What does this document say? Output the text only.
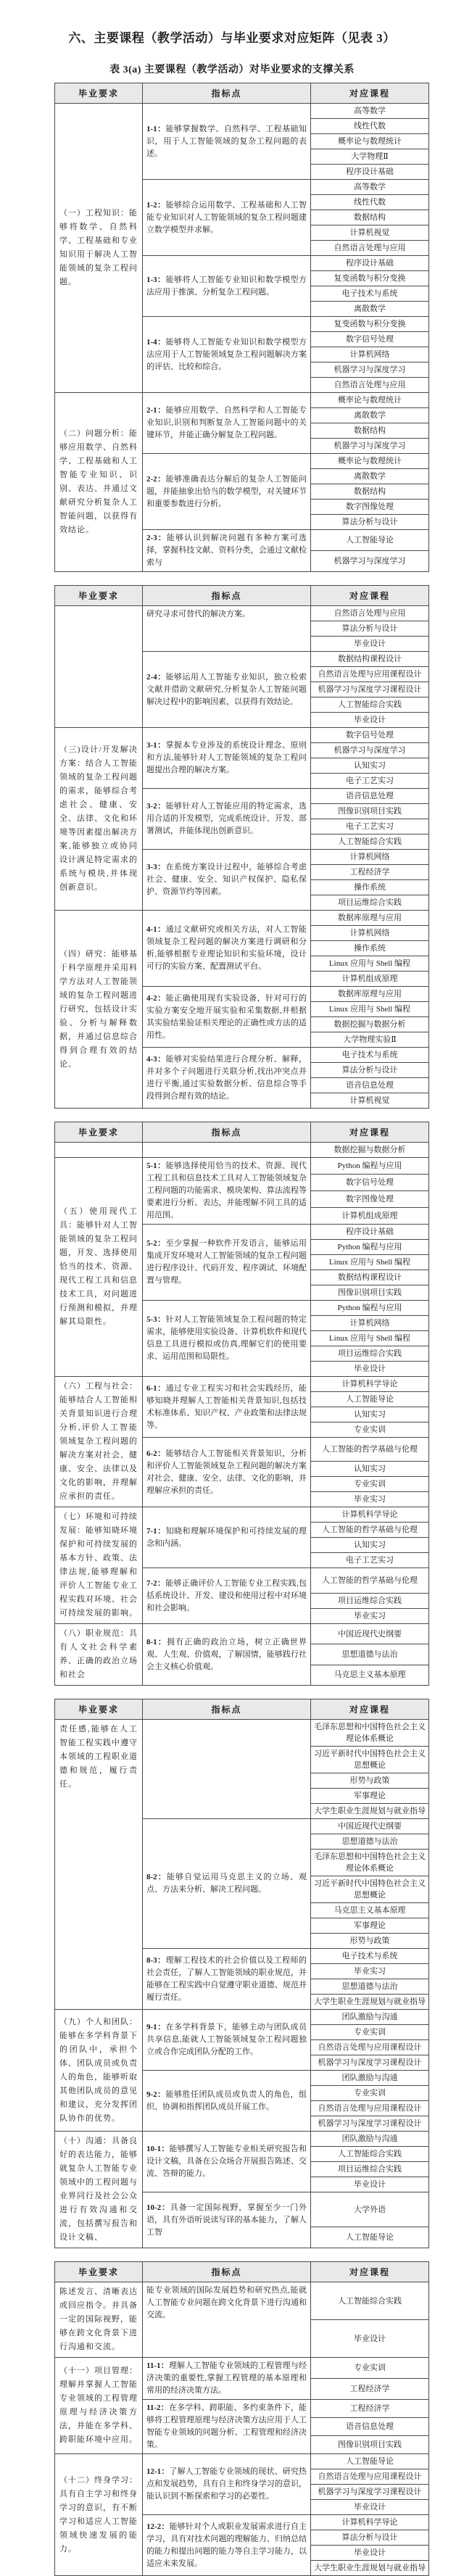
六、主要课程（教学活动）与毕业要求对应矩阵（见表 3）
表 3(a) 主要课程（教学活动）对毕业要求的支撑关系
毕业要求	指标点	对应课程
（一）工程知识：能够将数学、自然科学、工程基础和专业知识用于解决人工智能领域的复杂工程问题。	1-1：能够掌握数学、自然科学、工程基础知识，用于人工智能领域的复杂工程问题的表述。	高等数学
		线性代数
		概率论与数理统计
		大学物理Ⅱ
		程序设计基础
	1-2：能够综合运用数学、工程基础和人工智能专业知识对人工智能领域的复杂工程问题建立数学模型并求解。	高等数学
		线性代数
		数据结构
		计算机视觉
		自然语言处理与应用
	1-3：能够将人工智能专业知识和数学模型方法应用于推演、分析复杂工程问题。	程序设计基础
		复变函数与积分变换
		电子技术与系统
		离散数学
	1-4：能够将人工智能专业知识和数学模型方法应用于人工智能领域复杂工程问题解决方案的评估、比较和综合。	复变函数与积分变换
		数字信号处理
		计算机网络
		机器学习与深度学习
		自然语言处理与应用
（二）问题分析：能够应用数学、自然科学、工程基础和人工智能专业知识、识别、表达、并通过文献研究分析复杂人工智能问题，以获得有效结论。	2-1：能够应用数学、自然科学和人工智能专业知识,识别和判断复杂人工智能问题中的关键环节，并能正确分解复杂工程问题。	概率论与数理统计
		离散数学
		数据结构
		机器学习与深度学习
	2-2：能够准确表达分解后的复杂人工智能问题，并能抽象出恰当的数学模型，对关键环节和重要参数进行分析。	概率论与数理统计
		离散数学
		数据结构
		数字图像处理
		算法分析与设计
	2-3：能够认识到解决问题有多种方案可选择，掌握科技文献、资料分类，会通过文献检索与	人工智能导论
		机器学习与深度学习
毕业要求	指标点	对应课程
	研究寻求可替代的解决方案。	自然语言处理与应用
		算法分析与设计
		毕业设计
	2-4：能够运用人工智能专业知识，独立检索文献并借助文献研究,分析复杂人工智能问题解决过程中的影响因素，以获得有效结论。	数据结构课程设计
		自然语言处理与应用课程设计
		机器学习与深度学习课程设计
		人工智能综合实践
		毕业设计
（三)设计/开发解决方案：结合人工智能领域的复杂工程问题的需求，能够综合考虑社会、健康、安全、法律、文化和环境等因素提出解决方案,能够独立或协同设计满足特定需求的系统与模块,并体现创新意识。	3-1：掌握本专业涉及的系统设计理念、原则和方法,能够针对人工智能领域的复杂工程问题提出合理的解决方案。	数字信号处理
		机器学习与深度学习
		认知实习
		电子工艺实习
	3-2：能够针对人工智能应用的特定需求，选用合适的开发模型，完成系统设计、开发、部署测试，并能体现出创新意识。	语音信息处理
		图像识别项目实践
		电子工艺实习
		人工智能综合实践
	3-3：在系统方案设计过程中，能够综合考虑社会、健康、安全、知识产权保护、隐私保护、资源节约等因素。	计算机网络
		工程经济学
		操作系统
		项目运维综合实践
（四）研究：能够基于科学原理并采用科学方法对人工智能领域的复杂工程问题进行研究，包括设计实验、分析与解释数据，并通过信息综合得到合理有效的结论。	4-1：通过文献研究或相关方法，对人工智能领域复杂工程问题的解决方案进行调研和分析,能够根据专业理论知识和实验环境，设计可行的实验方案、配置测试平台。	数据库原理与应用
		计算机网络
		操作系统
		Linux 应用与 Shell 编程
		计算机组成原理
	4-2：能正确使用现有实验设备，针对可行的实验方案安全地开展实验和采集数据,并根据其实验结果验证相关理论的正确性或方法的适用性。	数据库原理与应用
		Linux 应用与 Shell 编程
		数据挖掘与数据分析
		大学物理实验Ⅱ
	4-3：能够对实验结果进行合理分析、解释，并对多个子问题进行关联分析,找出冲突点并进行平衡,通过实验数据分析、信息综合等手段得到合理有效的结论。	电子技术与系统
		算法分析与设计
		语音信息处理
		计算机视觉
毕业要求	指标点	对应课程
		数据挖掘与数据分析
（五）使用现代工具：能够针对人工智能领域的复杂工程问题，开发、选择使用恰当的技术、资源、现代工程工具和信息技术工具，对问题进行预测和模拟，并理解其局限性。	5-1：能够选择使用恰当的技术、资源、现代工程工具和信息技术工具对人工智能领域复杂工程问题的功能需求、模块架构、算法流程等要素进行分析、表达，并能理解不同工具的适用范围。	Python 编程与应用
		数字信号处理
		数字图像处理
		计算机组成原理
	5-2：至少掌握一种软件开发语言，能够运用集成开发环境对人工智能领域的复杂工程问题进行程序设计、代码开发、程序调试、环境配置与管理。	程序设计基础
		Python 编程与应用
		Linux 应用与 Shell 编程
		数据结构课程设计
		图像识别项目实践
	5-3：针对人工智能领域复杂工程问题的特定需求，能够使用实验设备、计算机软件和现代信息工具进行模拟或仿真,理解它们的使用要求、运用范围和局限性。	Python 编程与应用
		计算机网络
		Linux 应用与 Shell 编程
		项目运维综合实践
		毕业设计
（六）工程与社会：能够结合人工智能相关背景知识进行合理分析,评价人工智能领域复杂工程问题的解决方案对社会、健康、安全、法律以及文化的影响，并理解应承担的责任。	6-1：通过专业工程实习和社会实践经历，能够知晓并理解人工智能相关背景知识,包括技术标准体系、知识产权、产业政策和法律法规等。	计算机科学导论
		人工智能导论
		认知实习
		专业实训
	6-2：能够结合人工智能相关背景知识，分析和评价人工智能领域复杂工程问题的解决方案对社会、健康、安全、法律、文化的影响，并理解应承担的责任。	人工智能的哲学基础与伦理
		认知实习
		专业实训
		毕业实习
（七）环境和可持续发展：能够知晓环境保护和可持续发展的基本方针、政策、法律法规,能够理解和评价人工智能专业工程实践对环境、社会可持续发展的影响。	7-1：知晓和理解环境保护和可持续发展的理念和内涵。	计算机科学导论
		人工智能的哲学基础与伦理
		认知实习
		电子工艺实习
	7-2：能够正确评价人工智能专业工程实践,包括系统设计、开发、建设和使用过程中对环境和社会影响。	人工智能的哲学基础与伦理
		项目运维综合实践
		毕业实习
（八）职业规范：具有人文社会科学素养、正确的政治立场和社会	8-1：拥有正确的政治立场，树立正确世界观、人生观、价值观，了解国情，能够践行社会主义核心价值观。	中国近现代史纲要
		思想道德与法治
		马克思主义基本原理
毕业要求	指标点	对应课程
责任感,能够在人工智能工程实践中遵守本领域的工程职业道德和规范，履行责任。		毛泽东思想和中国特色社会主义理论体系概论
		习近平新时代中国特色社会主义思想概论
		形势与政策
		军事理论
		大学生职业生涯规划与就业指导
	8-2：能够自觉运用马克思主义的立场、观点、方法来分析、解决工程问题。	中国近现代史纲要
		思想道德与法治
		毛泽东思想和中国特色社会主义理论体系概论
		习近平新时代中国特色社会主义思想概论
		马克思主义基本原理
		军事理论
		形势与政策
	8-3：理解工程技术的社会价值以及工程师的社会责任，了解人工智能领域的职业规范，并能够在工程实践中自觉遵守职业道德、规范并履行责任。	电子技术与系统
		毕业实习
		思想道德与法治
		大学生职业生涯规划与就业指导
（九）个人和团队：能够在多学科背景下的团队中，承担个体、团队成员或负责人的角色，能够听取其他团队成员的意见和建议，充分发挥团队协作的优势。	9-1：在多学科背景下，能够主动与团队成员共享信息,能就人工智能领域复杂工程问题独立或合作完成团队分配的工作。	团队激励与沟通
		专业实训
		自然语言处理与应用课程设计
		机器学习与深度学习课程设计
	9-2：能够胜任团队成员或负责人的角色，组织、协调和指挥团队成员开展工作。	团队激励与沟通
		专业实训
		自然语言处理与应用课程设计
		机器学习与深度学习课程设计
（十）沟通：具备良好的表达能力，能够就复杂人工智能专业领域中的工程问题与业界同行及社会公众进行有效沟通和交流，包括撰写报告和设计文稿、	10-1：能够撰写人工智能专业相关研究报告和设计文稿，具备在公众场合开展报告陈述、交流、答辩的能力。	团队激励与沟通
		人工智能综合实践
		项目运维综合实践
		毕业设计
	10-2：具备一定国际视野，掌握至少一门外语，具有外语听说读写译的基本能力，了解人工智	大学外语
		人工智能导论
毕业要求	指标点	对应课程
陈述发言、清晰表达或回应指令。并具备一定的国际视野，能够在跨文化背景下进行沟通和交流。	能专业领域的国际发展趋势和研究热点,能就人工智能专业问题在跨文化背景下进行沟通和交流。	人工智能综合实践
		毕业设计
（十一）项目管理：理解并掌握人工智能专业领域的工程管理原理与经济决策方法，并能在多学科、跨职能环境中应用。	11-1：理解人工智能专业领域的工程管理与经济决策的重要性,掌握工程管理的基本原理和常用的经济决策方法。	专业实训
		工程经济学
	11-2：在多学科、跨职能、多约束条件下，能够将工程管理原理与经济决策方法应用于人工智能专业领域的问题分析、工程管理和经济决策。	工程经济学
		语音信息处理
		图像识别项目实践
（十二）终身学习：具有自主学习和终身学习的意识，有不断学习和适应人工智能领域快速发展的能力。	12-1：了解人工智能专业领域的现状、研究热点和发展趋势，具有自主和终身学习的意识，能认识到不断探索和学习的必要性。	人工智能导论
		自然语言处理与应用课程设计
		机器学习与深度学习课程设计
		毕业设计
	12-2：能够针对个人或职业发展需求进行自主学习，具有对技术问题的理解能力、归纳总结的能力和提出问题的能力等自主学习能力，以适应未来发展。	计算机科学导论
		算法分析与设计
		毕业设计
		大学生职业生涯规划与就业指导
